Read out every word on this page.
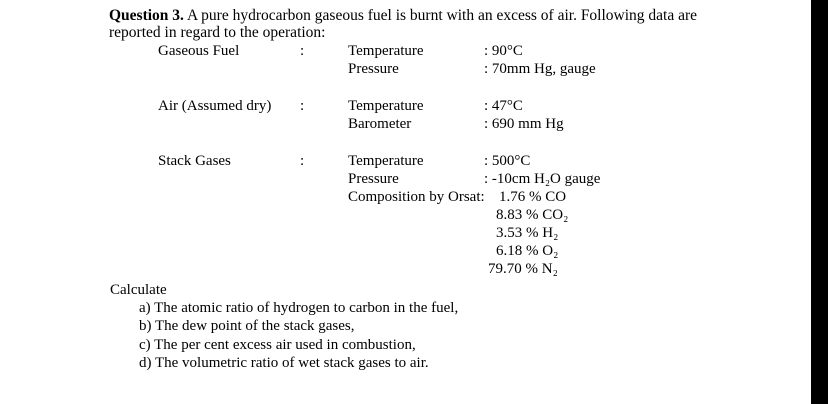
Question 3. A pure hydrocarbon gaseous fuel is burnt with an excess of air. Following data are
reported in regard to the operation:
Gaseous Fuel	:	Temperature	: 90°C
Pressure	: 70mm Hg, gauge
Air (Assumed dry) :	Temperature	: 47°C
Barometer	: 690 mm Hg
Stack Gases	:	Temperature	: 500°C
Pressure	: -10cm H₂O gauge
Composition by Orsat: 1.76 % CO
8.83 % CO₂
3.53 % H₂
6.18 % O₂
79.70 % N₂
Calculate
a) The atomic ratio of hydrogen to carbon in the fuel,
b) The dew point of the stack gases,
c) The per cent excess air used in combustion,
d) The volumetric ratio of wet stack gases to air.
